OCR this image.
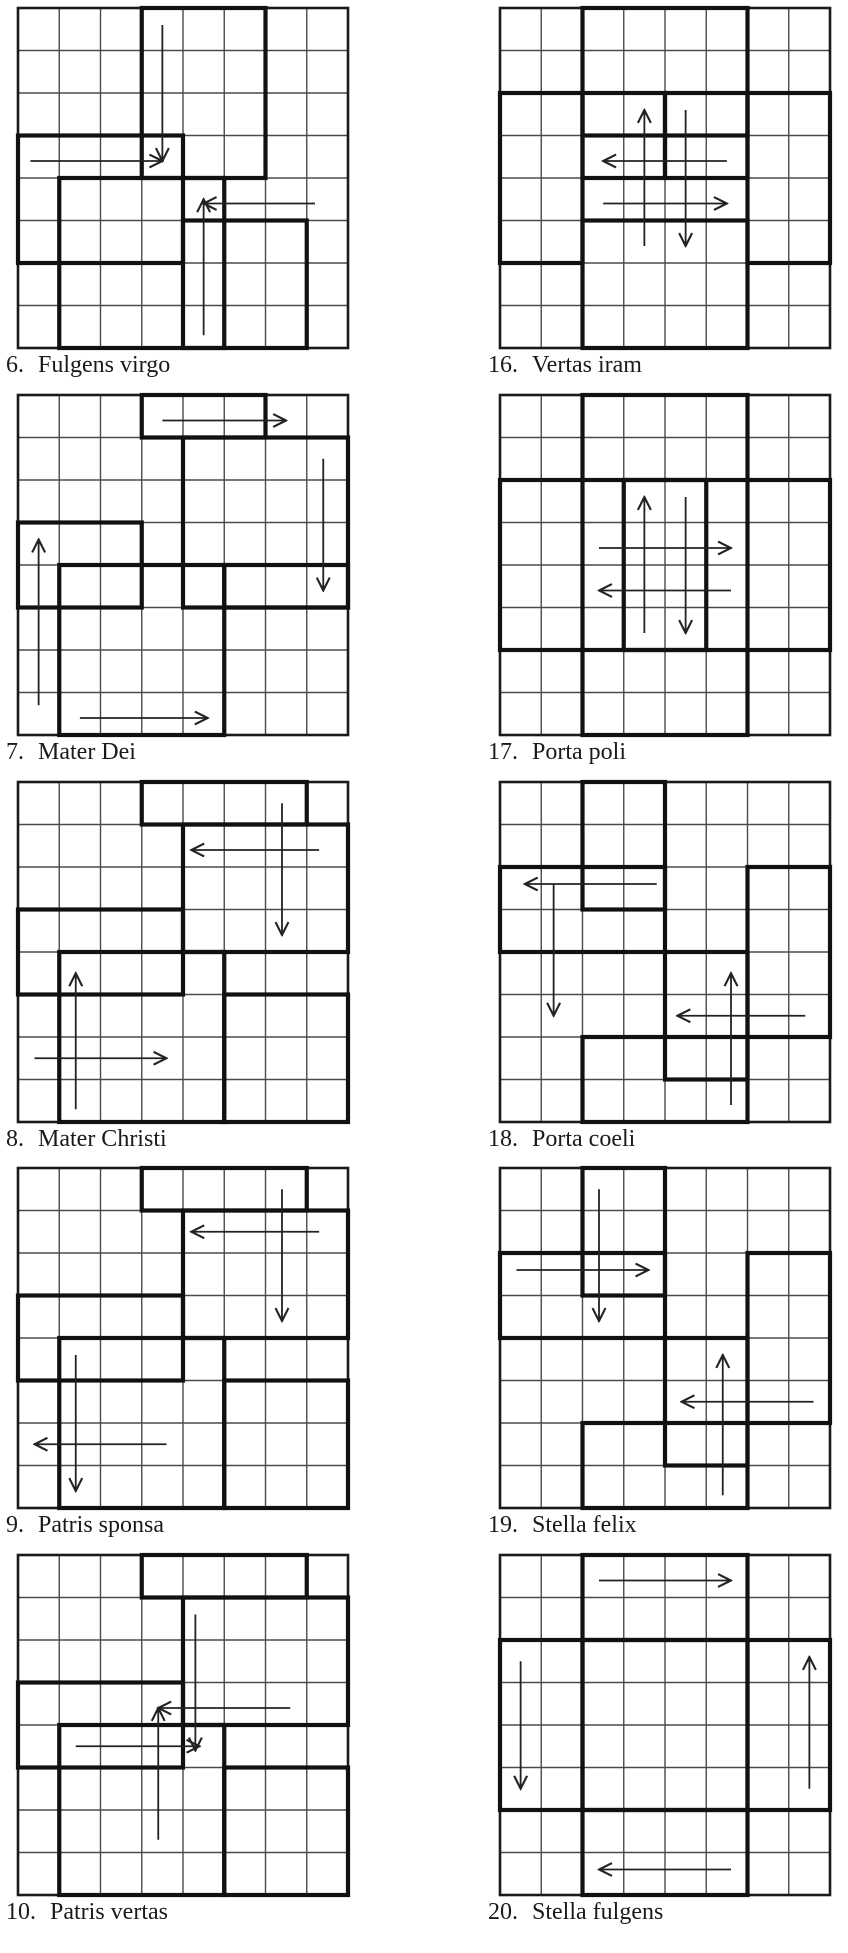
6. Fulgens virgo	16. Vertas iram
7. Mater Dei	17. Porta poli
8. Mater Christi	18. Porta coeli
9. Patris sponsa	19. Stella felix
10. Patris vertas	20. Stella fulgens
